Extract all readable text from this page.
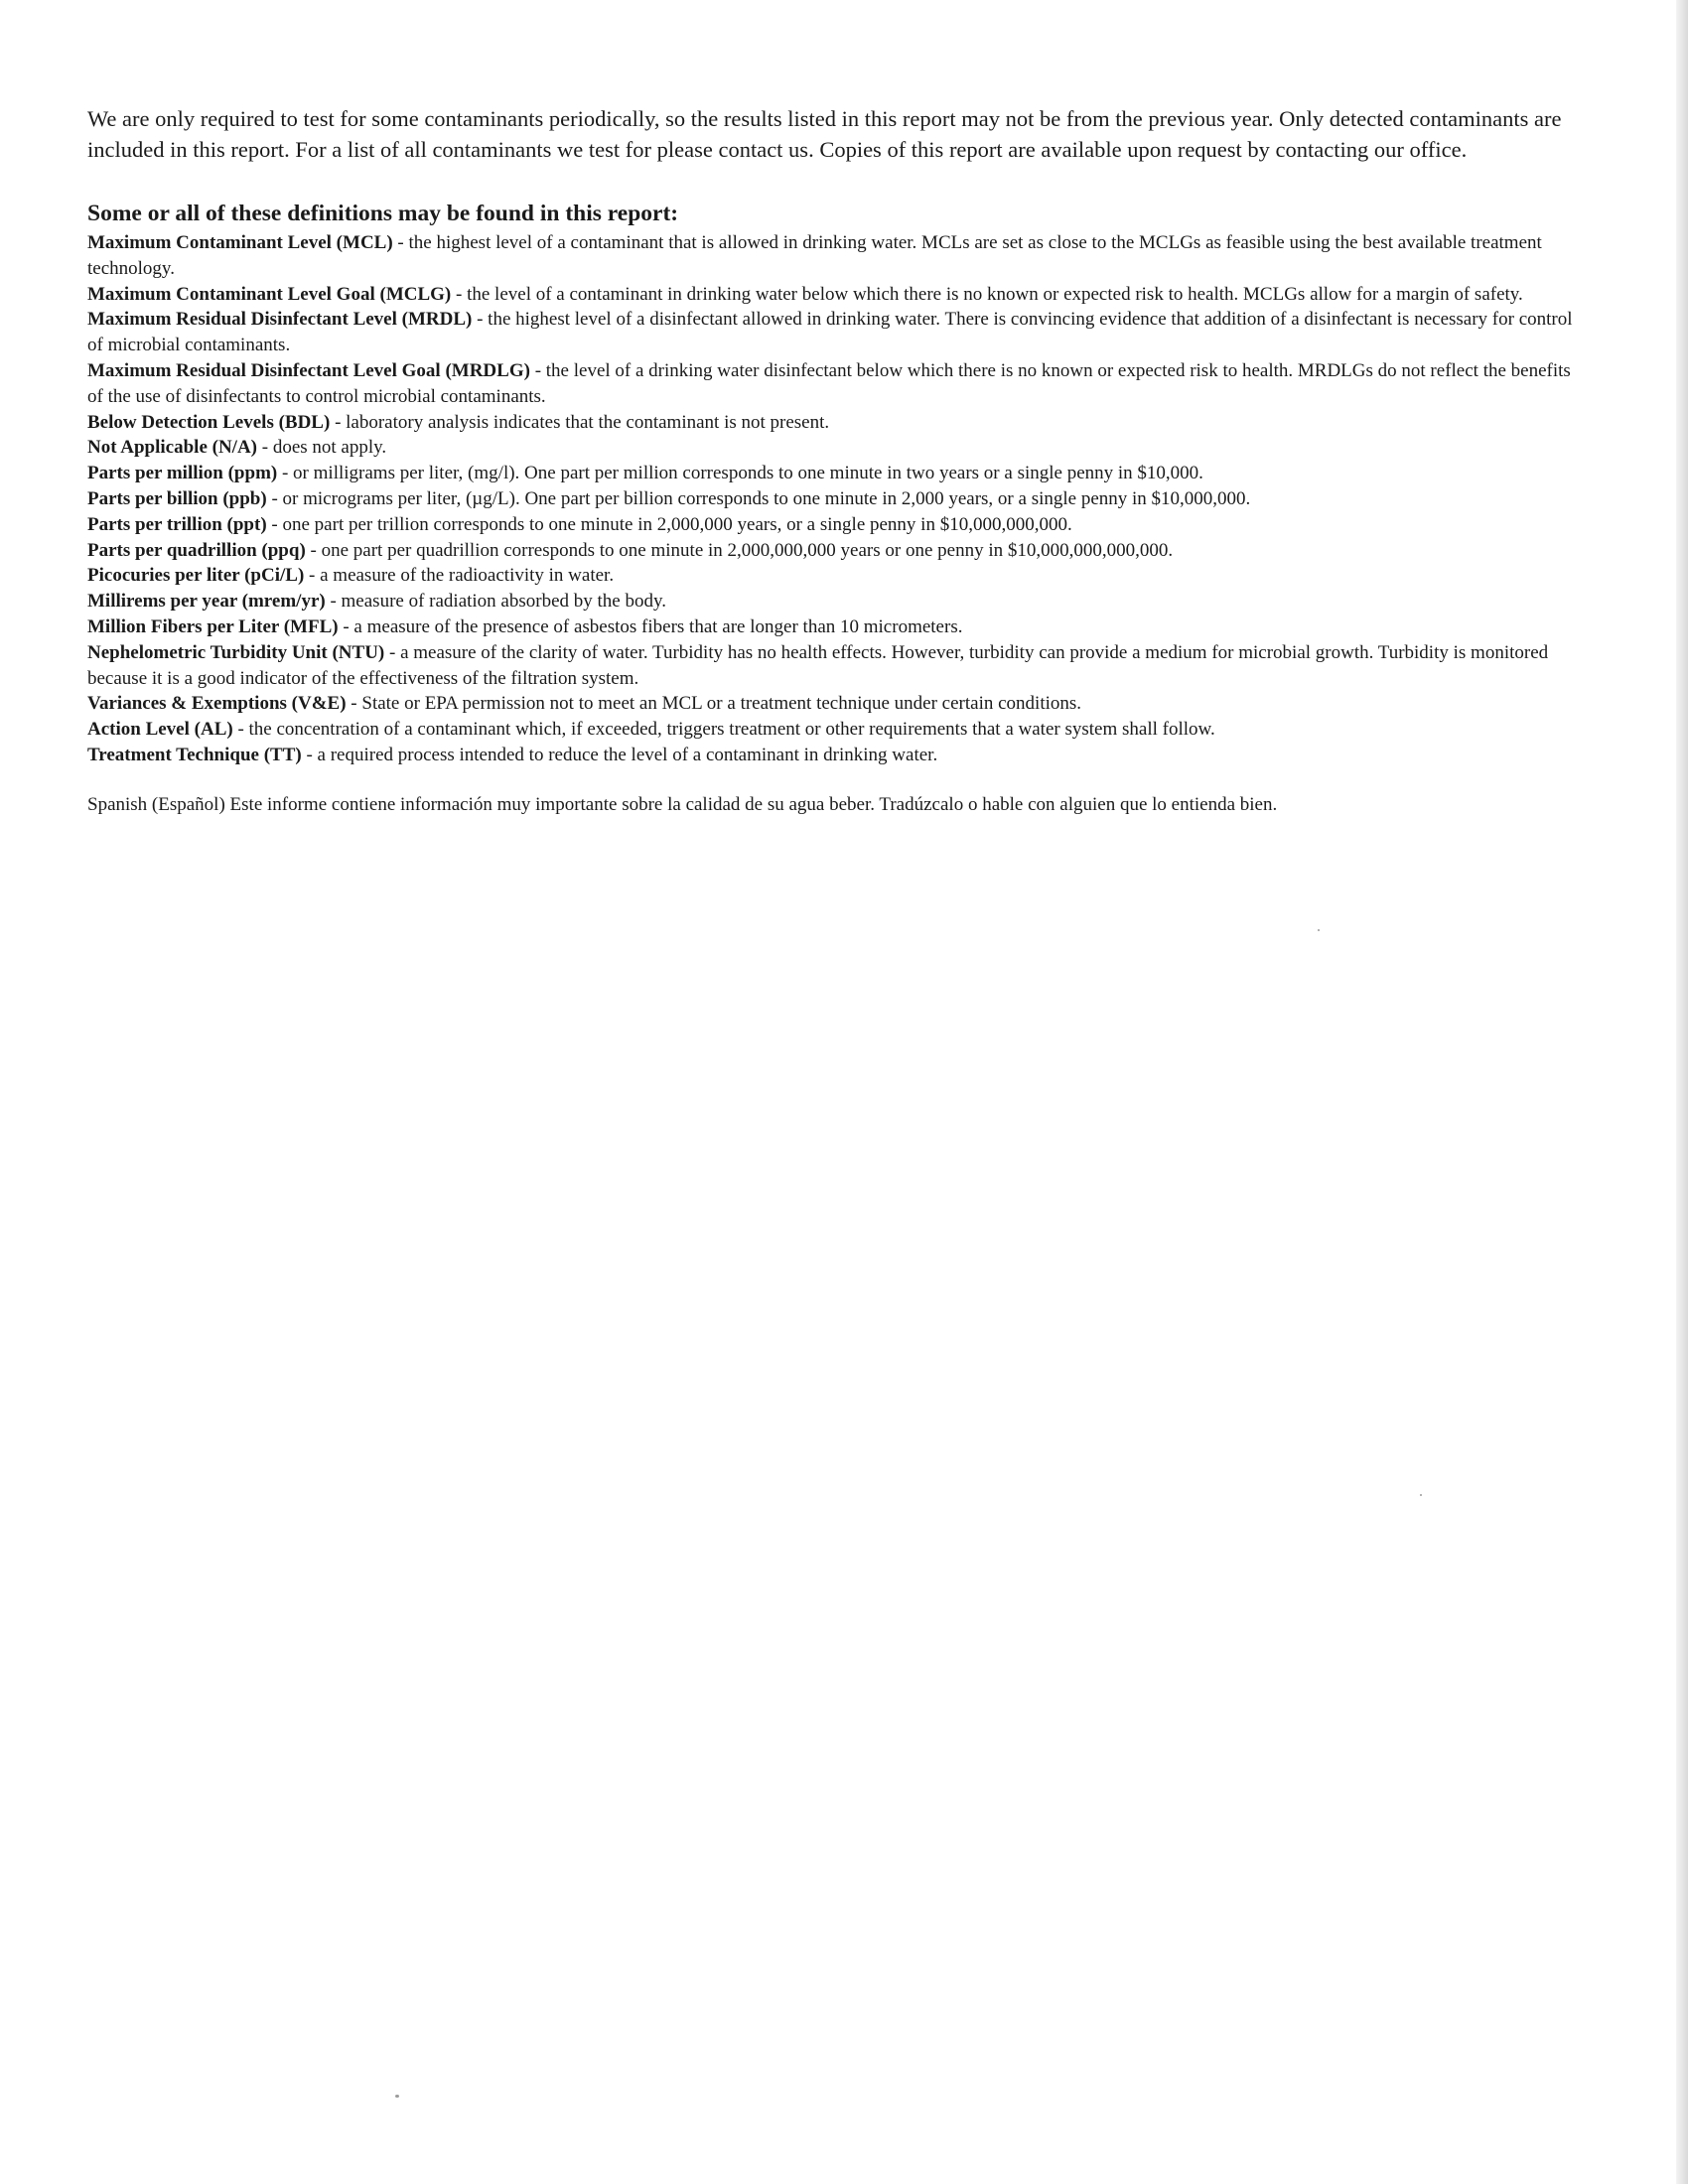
We are only required to test for some contaminants periodically, so the results listed in this report may not be from the previous year. Only detected contaminants are included in this report. For a list of all contaminants we test for please contact us. Copies of this report are available upon request by contacting our office.

Some or all of these definitions may be found in this report:
Maximum Contaminant Level (MCL) - the highest level of a contaminant that is allowed in drinking water. MCLs are set as close to the MCLGs as feasible using the best available treatment technology.
Maximum Contaminant Level Goal (MCLG) - the level of a contaminant in drinking water below which there is no known or expected risk to health. MCLGs allow for a margin of safety.
Maximum Residual Disinfectant Level (MRDL) - the highest level of a disinfectant allowed in drinking water. There is convincing evidence that addition of a disinfectant is necessary for control of microbial contaminants.
Maximum Residual Disinfectant Level Goal (MRDLG) - the level of a drinking water disinfectant below which there is no known or expected risk to health. MRDLGs do not reflect the benefits of the use of disinfectants to control microbial contaminants.
Below Detection Levels (BDL) - laboratory analysis indicates that the contaminant is not present.
Not Applicable (N/A) - does not apply.
Parts per million (ppm) - or milligrams per liter, (mg/l). One part per million corresponds to one minute in two years or a single penny in $10,000.
Parts per billion (ppb) - or micrograms per liter, (µg/L). One part per billion corresponds to one minute in 2,000 years, or a single penny in $10,000,000.
Parts per trillion (ppt) - one part per trillion corresponds to one minute in 2,000,000 years, or a single penny in $10,000,000,000.
Parts per quadrillion (ppq) - one part per quadrillion corresponds to one minute in 2,000,000,000 years or one penny in $10,000,000,000,000.
Picocuries per liter (pCi/L) - a measure of the radioactivity in water.
Millirems per year (mrem/yr) - measure of radiation absorbed by the body.
Million Fibers per Liter (MFL) - a measure of the presence of asbestos fibers that are longer than 10 micrometers.
Nephelometric Turbidity Unit (NTU) - a measure of the clarity of water. Turbidity has no health effects. However, turbidity can provide a medium for microbial growth. Turbidity is monitored because it is a good indicator of the effectiveness of the filtration system.
Variances & Exemptions (V&E) - State or EPA permission not to meet an MCL or a treatment technique under certain conditions.
Action Level (AL) - the concentration of a contaminant which, if exceeded, triggers treatment or other requirements that a water system shall follow.
Treatment Technique (TT) - a required process intended to reduce the level of a contaminant in drinking water.

Spanish (Español) Este informe contiene información muy importante sobre la calidad de su agua beber. Tradúzcalo o hable con alguien que lo entienda bien.
